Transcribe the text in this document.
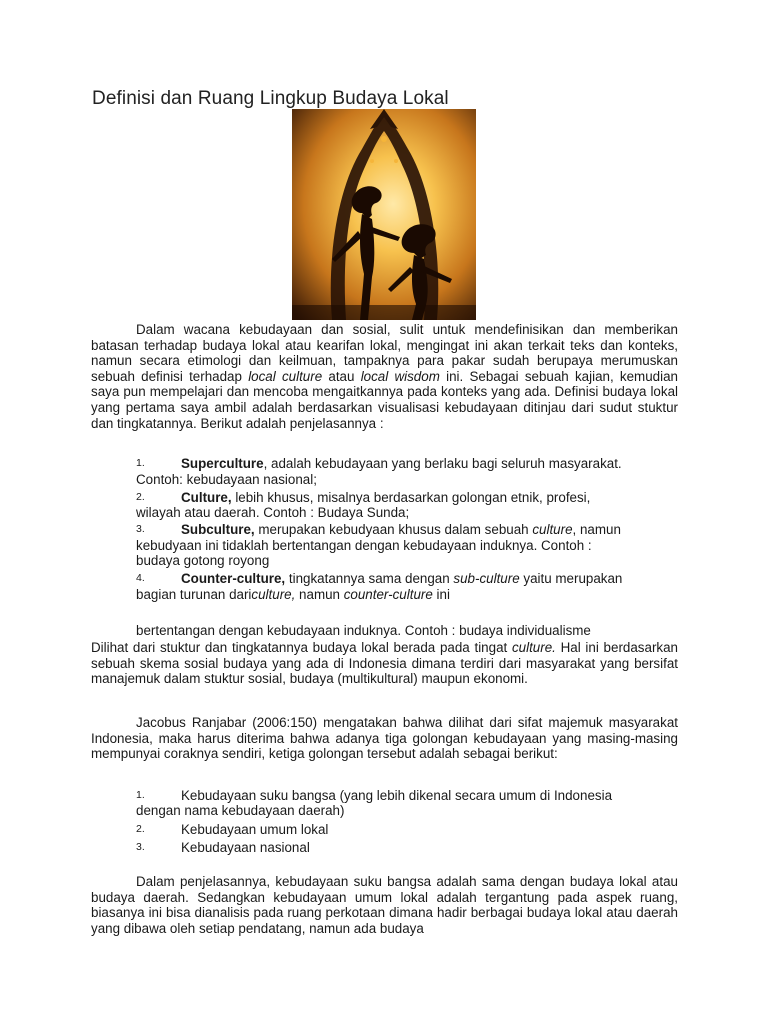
Definisi dan Ruang Lingkup Budaya Lokal

Dalam wacana kebudayaan dan sosial, sulit untuk mendefinisikan dan memberikan batasan terhadap budaya lokal atau kearifan lokal, mengingat ini akan terkait teks dan konteks, namun secara etimologi dan keilmuan, tampaknya para pakar sudah berupaya merumuskan sebuah definisi terhadap local culture atau local wisdom ini. Sebagai sebuah kajian, kemudian saya pun mempelajari dan mencoba mengaitkannya pada konteks yang ada. Definisi budaya lokal yang pertama saya ambil adalah berdasarkan visualisasi kebudayaan ditinjau dari sudut stuktur dan tingkatannya. Berikut adalah penjelasannya :

1.	Superculture, adalah kebudayaan yang berlaku bagi seluruh masyarakat.
Contoh: kebudayaan nasional;
2.	Culture, lebih khusus, misalnya berdasarkan golongan etnik, profesi,
wilayah atau daerah. Contoh : Budaya Sunda;
3.	Subculture, merupakan kebudyaan khusus dalam sebuah culture, namun
kebudyaan ini tidaklah bertentangan dengan kebudayaan induknya. Contoh :
budaya gotong royong
4.	Counter-culture, tingkatannya sama dengan sub-culture yaitu merupakan
bagian turunan dariculture, namun counter-culture ini
bertentangan dengan kebudayaan induknya. Contoh : budaya individualisme

Dilihat dari stuktur dan tingkatannya budaya lokal berada pada tingat culture. Hal ini berdasarkan sebuah skema sosial budaya yang ada di Indonesia dimana terdiri dari masyarakat yang bersifat manajemuk dalam stuktur sosial, budaya (multikultural) maupun ekonomi.

Jacobus Ranjabar (2006:150) mengatakan bahwa dilihat dari sifat majemuk masyarakat Indonesia, maka harus diterima bahwa adanya tiga golongan kebudayaan yang masing-masing mempunyai coraknya sendiri, ketiga golongan tersebut adalah sebagai berikut:

1.	Kebudayaan suku bangsa (yang lebih dikenal secara umum di Indonesia
dengan nama kebudayaan daerah)
2.	Kebudayaan umum lokal
3.	Kebudayaan nasional

Dalam penjelasannya, kebudayaan suku bangsa adalah sama dengan budaya lokal atau budaya daerah. Sedangkan kebudayaan umum lokal adalah tergantung pada aspek ruang, biasanya ini bisa dianalisis pada ruang perkotaan dimana hadir berbagai budaya lokal atau daerah yang dibawa oleh setiap pendatang, namun ada budaya
